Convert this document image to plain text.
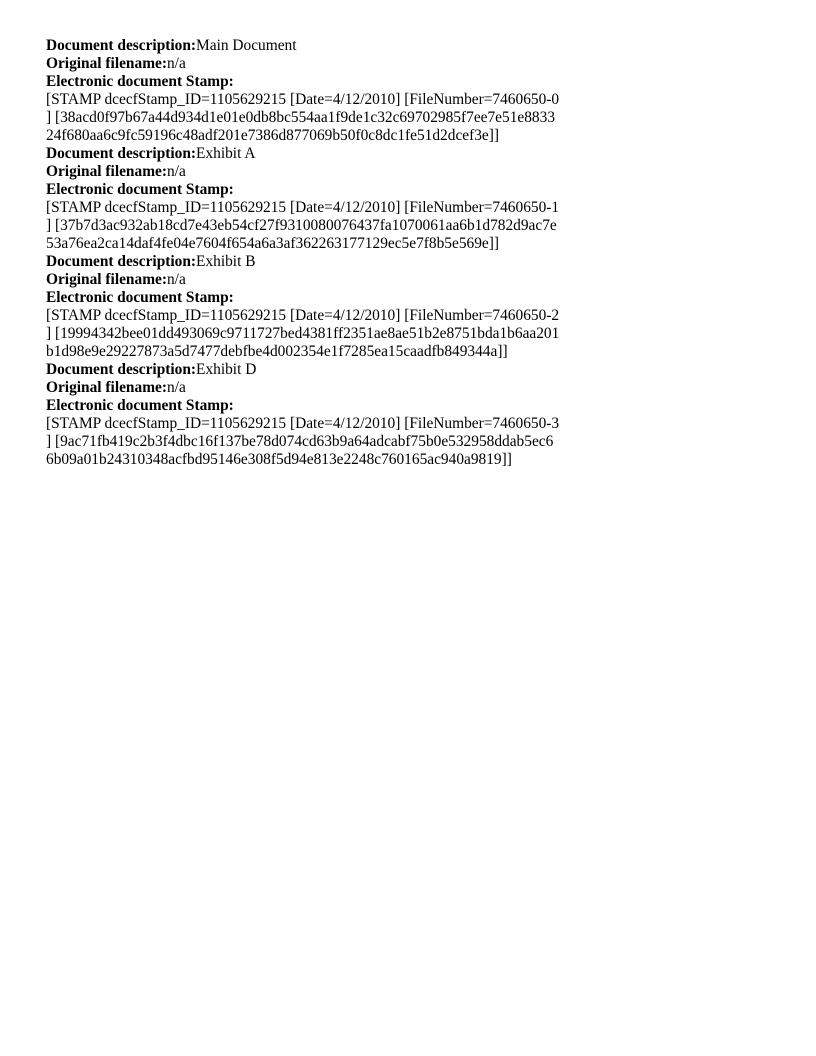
Document description:Main Document
Original filename:n/a
Electronic document Stamp:
[STAMP dcecfStamp_ID=1105629215 [Date=4/12/2010] [FileNumber=7460650-0
] [38acd0f97b67a44d934d1e01e0db8bc554aa1f9de1c32c69702985f7ee7e51e8833
24f680aa6c9fc59196c48adf201e7386d877069b50f0c8dc1fe51d2dcef3e]]
Document description:Exhibit A
Original filename:n/a
Electronic document Stamp:
[STAMP dcecfStamp_ID=1105629215 [Date=4/12/2010] [FileNumber=7460650-1
] [37b7d3ac932ab18cd7e43eb54cf27f9310080076437fa1070061aa6b1d782d9ac7e
53a76ea2ca14daf4fe04e7604f654a6a3af362263177129ec5e7f8b5e569e]]
Document description:Exhibit B
Original filename:n/a
Electronic document Stamp:
[STAMP dcecfStamp_ID=1105629215 [Date=4/12/2010] [FileNumber=7460650-2
] [19994342bee01dd493069c9711727bed4381ff2351ae8ae51b2e8751bda1b6aa201
b1d98e9e29227873a5d7477debfbe4d002354e1f7285ea15caadfb849344a]]
Document description:Exhibit D
Original filename:n/a
Electronic document Stamp:
[STAMP dcecfStamp_ID=1105629215 [Date=4/12/2010] [FileNumber=7460650-3
] [9ac71fb419c2b3f4dbc16f137be78d074cd63b9a64adcabf75b0e532958ddab5ec6
6b09a01b24310348acfbd95146e308f5d94e813e2248c760165ac940a9819]]
